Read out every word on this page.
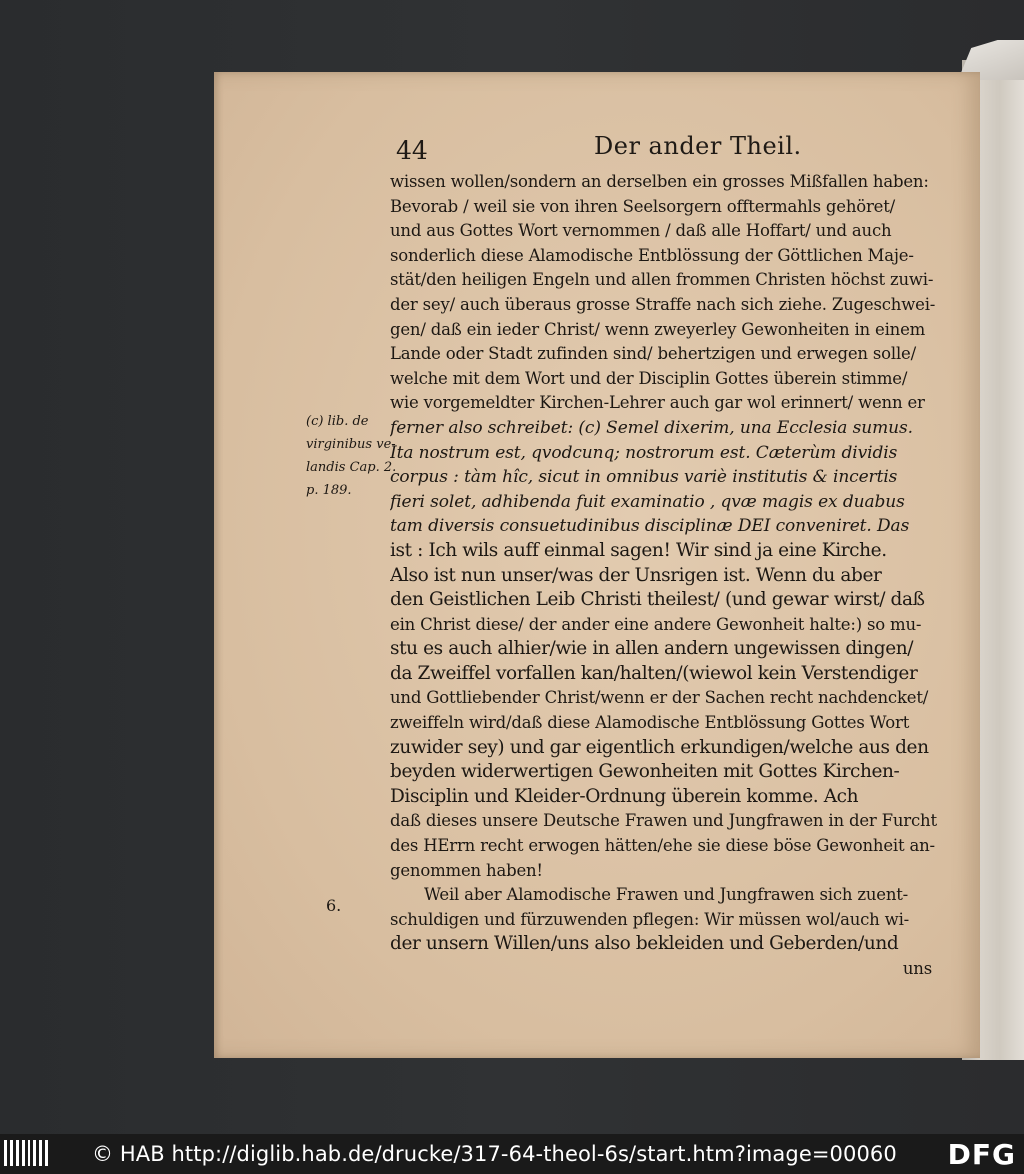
44	Der ander Theil.
wissen wollen/sondern an derselben ein grosses Mißfallen haben:
Bevorab / weil sie von ihren Seelsorgern offtermahls gehöret/
und aus Gottes Wort vernommen / daß alle Hoffart/ und auch
sonderlich diese Alamodische Entblössung der Göttlichen Maje-
stät/den heiligen Engeln und allen frommen Christen höchst zuwi-
der sey/ auch überaus grosse Straffe nach sich ziehe. Zugeschwei-
gen/ daß ein ieder Christ/ wenn zweyerley Gewonheiten in einem
Lande oder Stadt zufinden sind/ behertzigen und erwegen solle/
welche mit dem Wort und der Disciplin Gottes überein stimme/
wie vorgemeldter Kirchen-Lehrer auch gar wol erinnert/ wenn er
ferner also schreibet: (c) Semel dixerim, una Ecclesia sumus.
Ita nostrum est, qvodcunq; nostrorum est. Cæterùm dividis
corpus : tàm hîc, sicut in omnibus variè institutis & incertis
fieri solet, adhibenda fuit examinatio , qvæ magis ex duabus
tam diversis consuetudinibus disciplinæ DEI conveniret. Das
ist : Ich wils auff einmal sagen! Wir sind ja eine Kirche.
Also ist nun unser/was der Unsrigen ist. Wenn du aber
den Geistlichen Leib Christi theilest/ (und gewar wirst/ daß
ein Christ diese/ der ander eine andere Gewonheit halte:) so mu-
stu es auch alhier/wie in allen andern ungewissen dingen/
da Zweiffel vorfallen kan/halten/(wiewol kein Verstendiger
und Gottliebender Christ/wenn er der Sachen recht nachdencket/
zweiffeln wird/daß diese Alamodische Entblössung Gottes Wort
zuwider sey) und gar eigentlich erkundigen/welche aus den
beyden widerwertigen Gewonheiten mit Gottes Kirchen-
Disciplin und Kleider-Ordnung überein komme. Ach
daß dieses unsere Deutsche Frawen und Jungfrawen in der Furcht
des HErrn recht erwogen hätten/ehe sie diese böse Gewonheit an-
genommen haben!
Weil aber Alamodische Frawen und Jungfrawen sich zuent-
schuldigen und fürzuwenden pflegen: Wir müssen wol/auch wi-
der unsern Willen/uns also bekleiden und Geberden/und
uns
(c) lib. de
virginibus ve-
landis Cap. 2.
p. 189.
6.
© HAB http://diglib.hab.de/drucke/317-64-theol-6s/start.htm?image=00060 DFG
